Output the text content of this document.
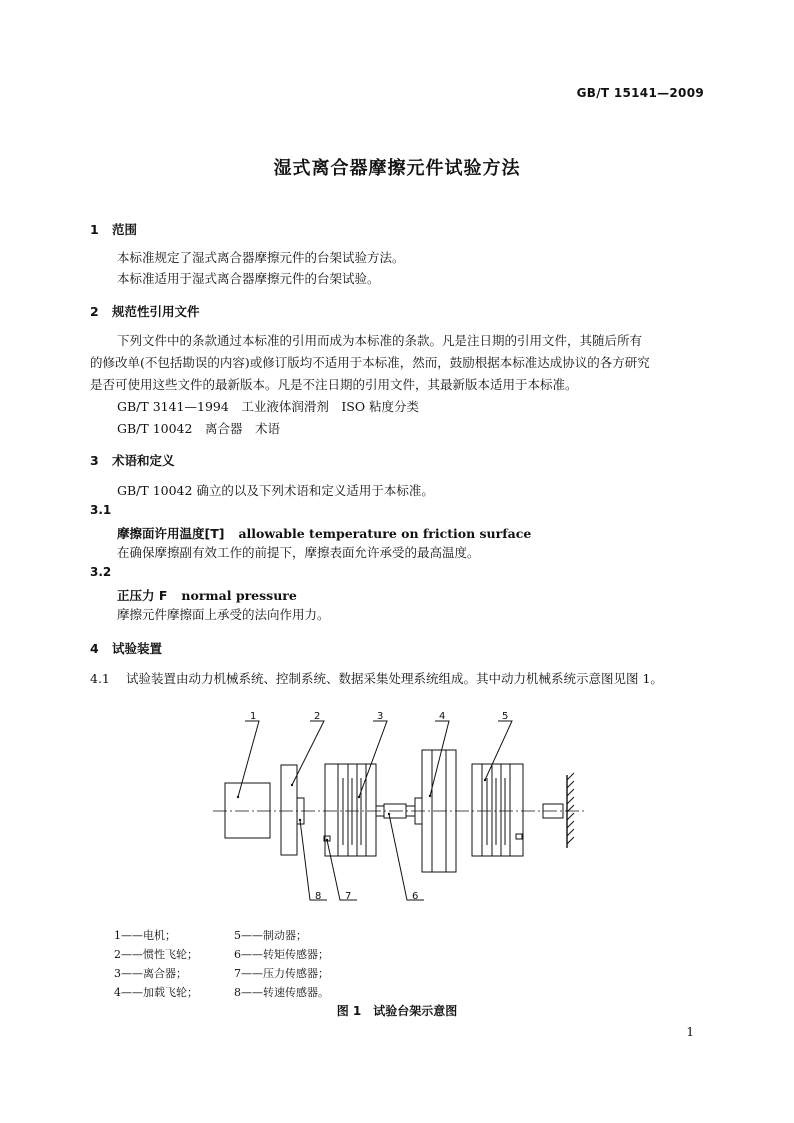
GB/T 15141—2009
湿式离合器摩擦元件试验方法
1 范围
本标准规定了湿式离合器摩擦元件的台架试验方法。
本标准适用于湿式离合器摩擦元件的台架试验。
2 规范性引用文件
下列文件中的条款通过本标准的引用而成为本标准的条款。凡是注日期的引用文件，其随后所有
的修改单(不包括勘误的内容)或修订版均不适用于本标准，然而，鼓励根据本标准达成协议的各方研究
是否可使用这些文件的最新版本。凡是不注日期的引用文件，其最新版本适用于本标准。
GB/T 3141—1994　工业液体润滑剂　ISO 粘度分类
GB/T 10042　离合器　术语
3 术语和定义
GB/T 10042 确立的以及下列术语和定义适用于本标准。
3.1
摩擦面许用温度[T] allowable temperature on friction surface
在确保摩擦副有效工作的前提下，摩擦表面允许承受的最高温度。
3.2
正压力 F normal pressure
摩擦元件摩擦面上承受的法向作用力。
4 试验装置
4.1 试验装置由动力机械系统、控制系统、数据采集处理系统组成。其中动力机械系统示意图见图 1。
1	2	3	4	5
6
7
8
1——电机；	5——制动器；
2——惯性飞轮；	6——转矩传感器；
3——离合器；	7——压力传感器；
4——加载飞轮；	8——转速传感器。
图 1　试验台架示意图
1
